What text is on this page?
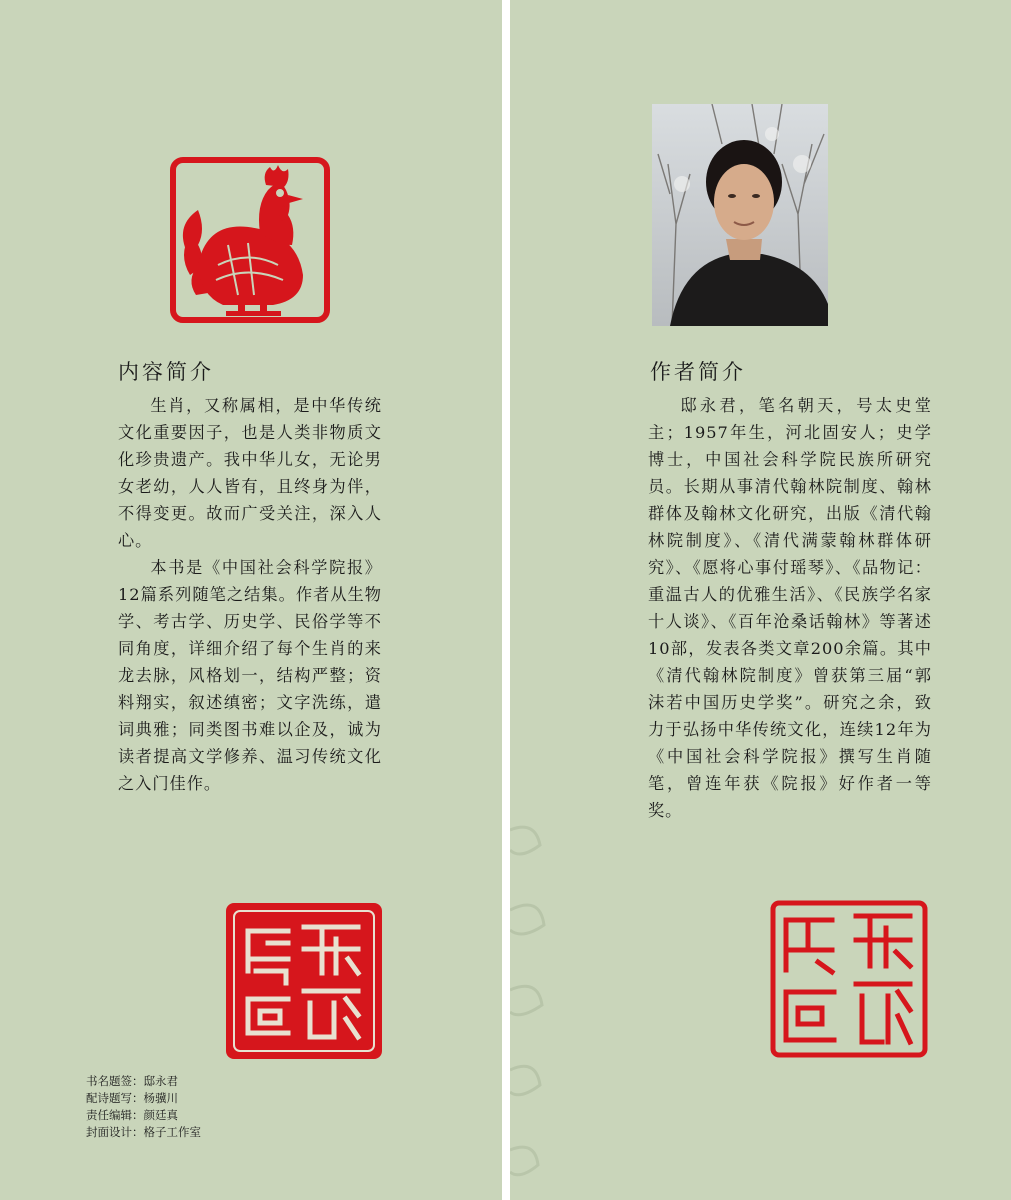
内容简介

生肖，又称属相，是中华传统文化重要因子，也是人类非物质文化珍贵遗产。我中华儿女，无论男女老幼，人人皆有，且终身为伴，不得变更。故而广受关注，深入人心。

本书是《中国社会科学院报》12篇系列随笔之结集。作者从生物学、考古学、历史学、民俗学等不同角度，详细介绍了每个生肖的来龙去脉，风格划一，结构严整；资料翔实，叙述缜密；文字洗练，遣词典雅；同类图书难以企及，诚为读者提高文学修养、温习传统文化之入门佳作。

书名题签：邸永君
配诗题写：杨骥川
责任编辑：颜廷真
封面设计：格子工作室
作者简介

邸永君，笔名朝天，号太史堂主；1957年生，河北固安人；史学博士，中国社会科学院民族所研究员。长期从事清代翰林院制度、翰林群体及翰林文化研究，出版《清代翰林院制度》、《清代满蒙翰林群体研究》、《愿将心事付瑶琴》、《品物记：重温古人的优雅生活》、《民族学名家十人谈》、《百年沧桑话翰林》等著述10部，发表各类文章200余篇。其中《清代翰林院制度》曾获第三届“郭沫若中国历史学奖”。研究之余，致力于弘扬中华传统文化，连续12年为《中国社会科学院报》撰写生肖随笔，曾连年获《院报》好作者一等奖。
